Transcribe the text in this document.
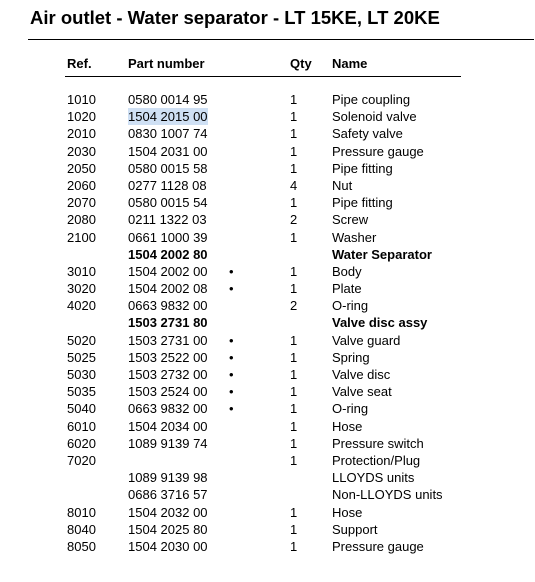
Air outlet - Water separator - LT 15KE, LT 20KE
Ref.	Part number	Qty Name
1010 0580 0014 95	1	Pipe coupling
1020 1504 2015 00	1	Solenoid valve
2010 0830 1007 74	1	Safety valve
2030 1504 2031 00	1	Pressure gauge
2050 0580 0015 58	1	Pipe fitting
2060 0277 1128 08	4	Nut
2070 0580 0015 54	1	Pipe fitting
2080 0211 1322 03	2	Screw
2100 0661 1000 39	1	Washer
1504 2002 80	Water Separator
3010 1504 2002 00 •	1	Body
3020 1504 2002 08 •	1	Plate
4020 0663 9832 00	2	O-ring
1503 2731 80	Valve disc assy
5020 1503 2731 00 •	1	Valve guard
5025 1503 2522 00 •	1	Spring
5030 1503 2732 00 •	1	Valve disc
5035 1503 2524 00 •	1	Valve seat
5040 0663 9832 00 •	1	O-ring
6010 1504 2034 00	1	Hose
6020 1089 9139 74	1	Pressure switch
7020	1	Protection/Plug
1089 9139 98	LLOYDS units
0686 3716 57	Non-LLOYDS units
8010 1504 2032 00	1	Hose
8040 1504 2025 80	1	Support
8050 1504 2030 00	1	Pressure gauge
